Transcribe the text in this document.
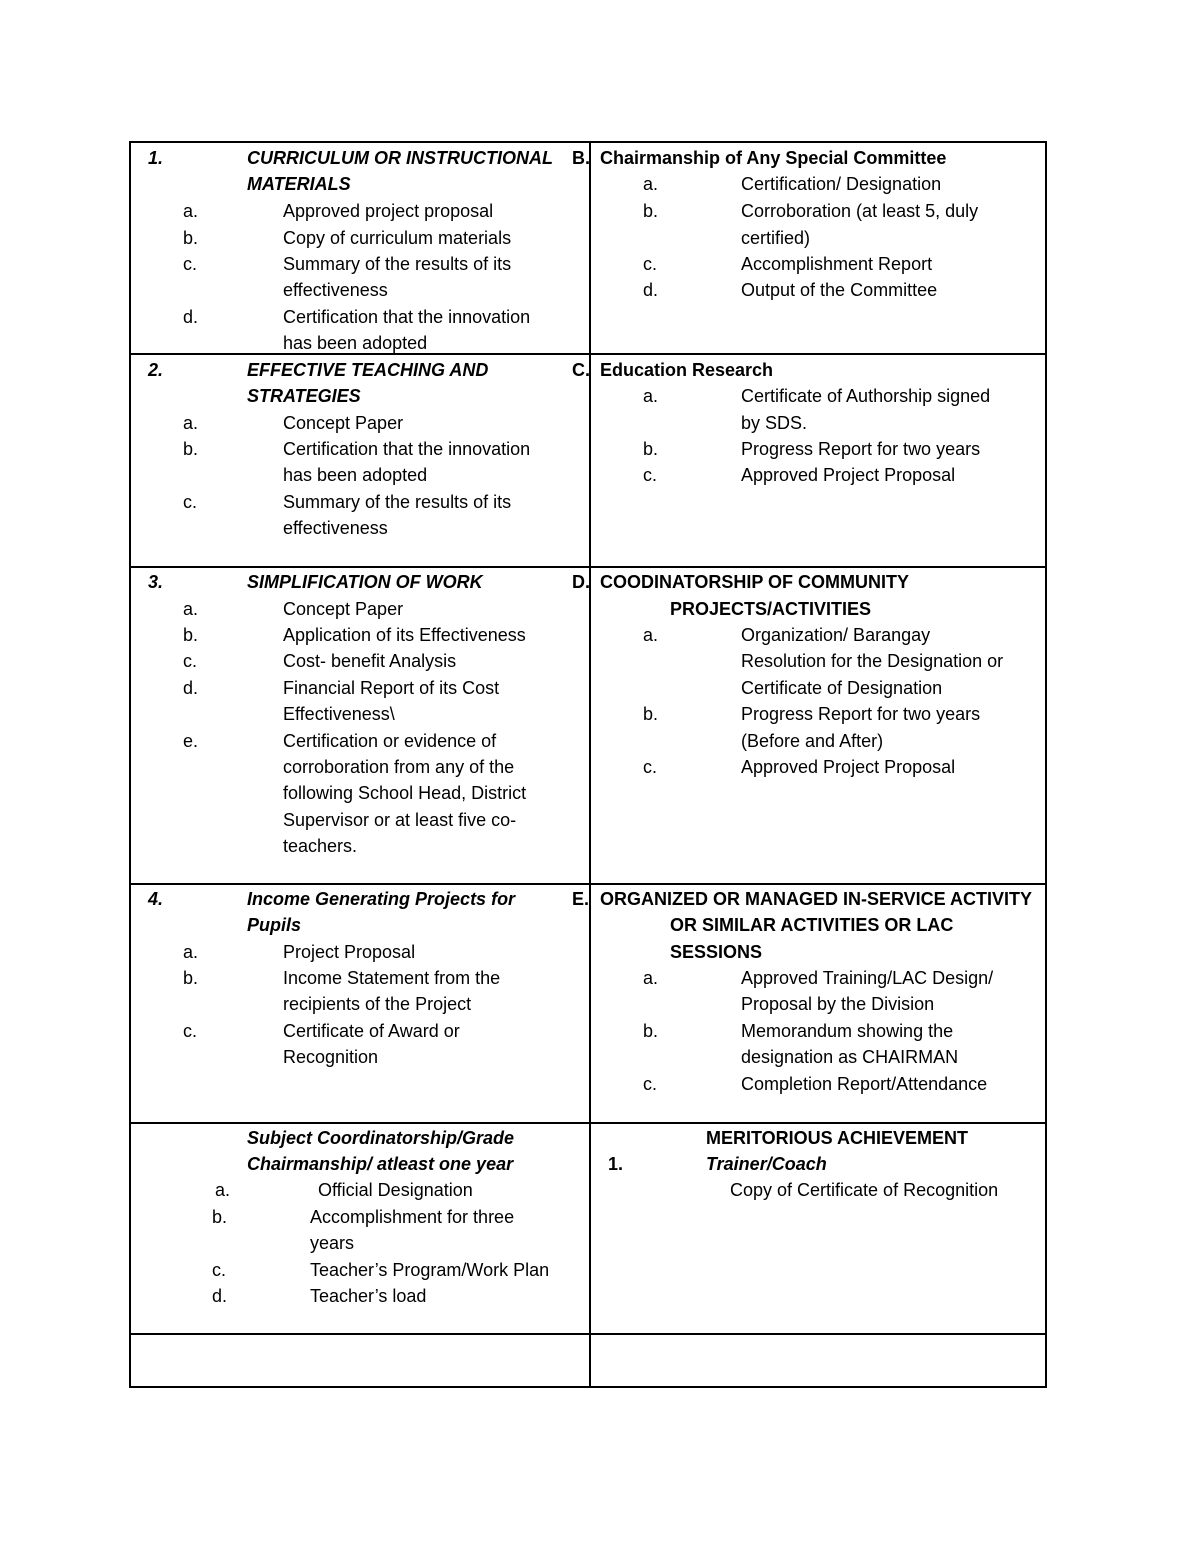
1.	CURRICULUM OR INSTRUCTIONAL
MATERIALS
a.	Approved project proposal
b.	Copy of curriculum materials
c.	Summary of the results of its
effectiveness
d.	Certification that the innovation
has been adopted
B. Chairmanship of Any Special Committee
a.	Certification/ Designation
b.	Corroboration (at least 5, duly
certified)
c.	Accomplishment Report
d.	Output of the Committee
2.	EFFECTIVE TEACHING AND
STRATEGIES
a.	Concept Paper
b.	Certification that the innovation
has been adopted
c.	Summary of the results of its
effectiveness
C. Education Research
a.	Certificate of Authorship signed
by SDS.
b.	Progress Report for two years
c.	Approved Project Proposal
3.	SIMPLIFICATION OF WORK
a.	Concept Paper
b.	Application of its Effectiveness
c.	Cost- benefit Analysis
d.	Financial Report of its Cost
Effectiveness\
e.	Certification or evidence of
corroboration from any of the
following School Head, District
Supervisor or at least five co-
teachers.
D. COODINATORSHIP OF COMMUNITY
PROJECTS/ACTIVITIES
a.	Organization/ Barangay
Resolution for the Designation or
Certificate of Designation
b.	Progress Report for two years
(Before and After)
c.	Approved Project Proposal
4.	Income Generating Projects for
Pupils
a.	Project Proposal
b.	Income Statement from the
recipients of the Project
c.	Certificate of Award or
Recognition
E. ORGANIZED OR MANAGED IN-SERVICE ACTIVITY
OR SIMILAR ACTIVITIES OR LAC
SESSIONS
a.	Approved Training/LAC Design/
Proposal by the Division
b.	Memorandum showing the
designation as CHAIRMAN
c.	Completion Report/Attendance
Subject Coordinatorship/Grade
Chairmanship/ atleast one year
a.	Official Designation
b.	Accomplishment for three
years
c.	Teacher’s Program/Work Plan
d.	Teacher’s load
MERITORIOUS ACHIEVEMENT
1.	Trainer/Coach
Copy of Certificate of Recognition
